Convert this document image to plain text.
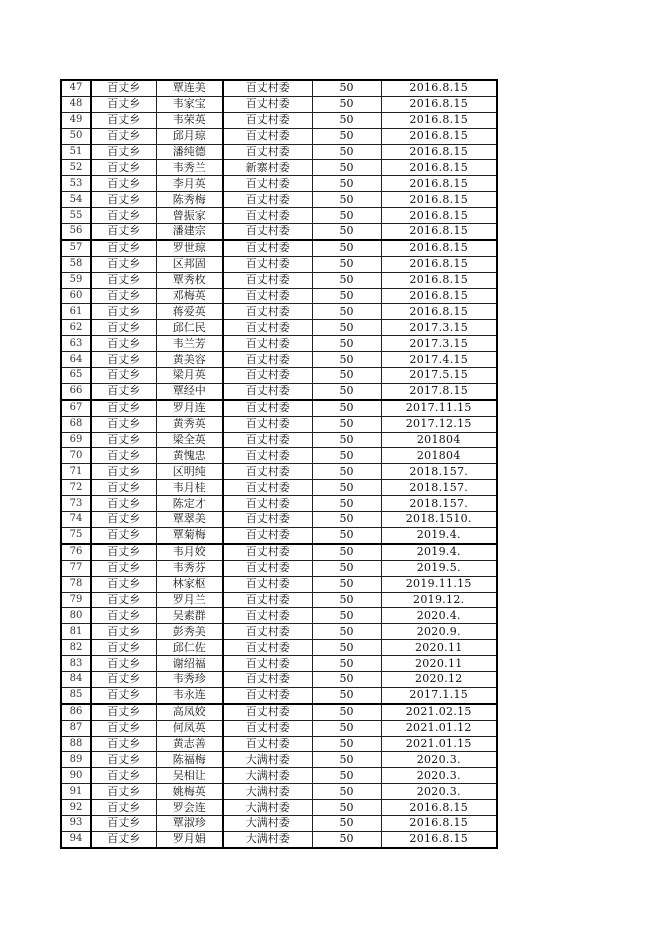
47	百丈乡	覃连美	百丈村委	50	2016.8.15
48	百丈乡	韦家宝	百丈村委	50	2016.8.15
49	百丈乡	韦荣英	百丈村委	50	2016.8.15
50	百丈乡	邱月琼	百丈村委	50	2016.8.15
51	百丈乡	潘纯德	百丈村委	50	2016.8.15
52	百丈乡	韦秀兰	新寨村委	50	2016.8.15
53	百丈乡	李月英	百丈村委	50	2016.8.15
54	百丈乡	陈秀梅	百丈村委	50	2016.8.15
55	百丈乡	曾振家	百丈村委	50	2016.8.15
56	百丈乡	潘建宗	百丈村委	50	2016.8.15
57	百丈乡	罗世琼	百丈村委	50	2016.8.15
58	百丈乡	区邦固	百丈村委	50	2016.8.15
59	百丈乡	覃秀枚	百丈村委	50	2016.8.15
60	百丈乡	邓梅英	百丈村委	50	2016.8.15
61	百丈乡	蒋爱英	百丈村委	50	2016.8.15
62	百丈乡	邱仁民	百丈村委	50	2017.3.15
63	百丈乡	韦兰芳	百丈村委	50	2017.3.15
64	百丈乡	黄美容	百丈村委	50	2017.4.15
65	百丈乡	梁月英	百丈村委	50	2017.5.15
66	百丈乡	覃经中	百丈村委	50	2017.8.15
67	百丈乡	罗月连	百丈村委	50	2017.11.15
68	百丈乡	黄秀英	百丈村委	50	2017.12.15
69	百丈乡	梁全英	百丈村委	50	201804
70	百丈乡	黄愧忠	百丈村委	50	201804
71	百丈乡	区明纯	百丈村委	50	2018.157.
72	百丈乡	韦月桂	百丈村委	50	2018.157.
73	百丈乡	陈定才	百丈村委	50	2018.157.
74	百丈乡	覃翠美	百丈村委	50	2018.1510.
75	百丈乡	覃菊梅	百丈村委	50	2019.4.
76	百丈乡	韦月姣	百丈村委	50	2019.4.
77	百丈乡	韦秀芬	百丈村委	50	2019.5.
78	百丈乡	林家枢	百丈村委	50	2019.11.15
79	百丈乡	罗月兰	百丈村委	50	2019.12.
80	百丈乡	吴素群	百丈村委	50	2020.4.
81	百丈乡	彭秀美	百丈村委	50	2020.9.
82	百丈乡	邱仁佐	百丈村委	50	2020.11
83	百丈乡	谢绍福	百丈村委	50	2020.11
84	百丈乡	韦秀珍	百丈村委	50	2020.12
85	百丈乡	韦永连	百丈村委	50	2017.1.15
86	百丈乡	高凤姣	百丈村委	50	2021.02.15
87	百丈乡	何凤英	百丈村委	50	2021.01.12
88	百丈乡	黄志善	百丈村委	50	2021.01.15
89	百丈乡	陈福梅	大满村委	50	2020.3.
90	百丈乡	吴相让	大满村委	50	2020.3.
91	百丈乡	姚梅英	大满村委	50	2020.3.
92	百丈乡	罗会连	大满村委	50	2016.8.15
93	百丈乡	覃淑珍	大满村委	50	2016.8.15
94	百丈乡	罗月娟	大满村委	50	2016.8.15
